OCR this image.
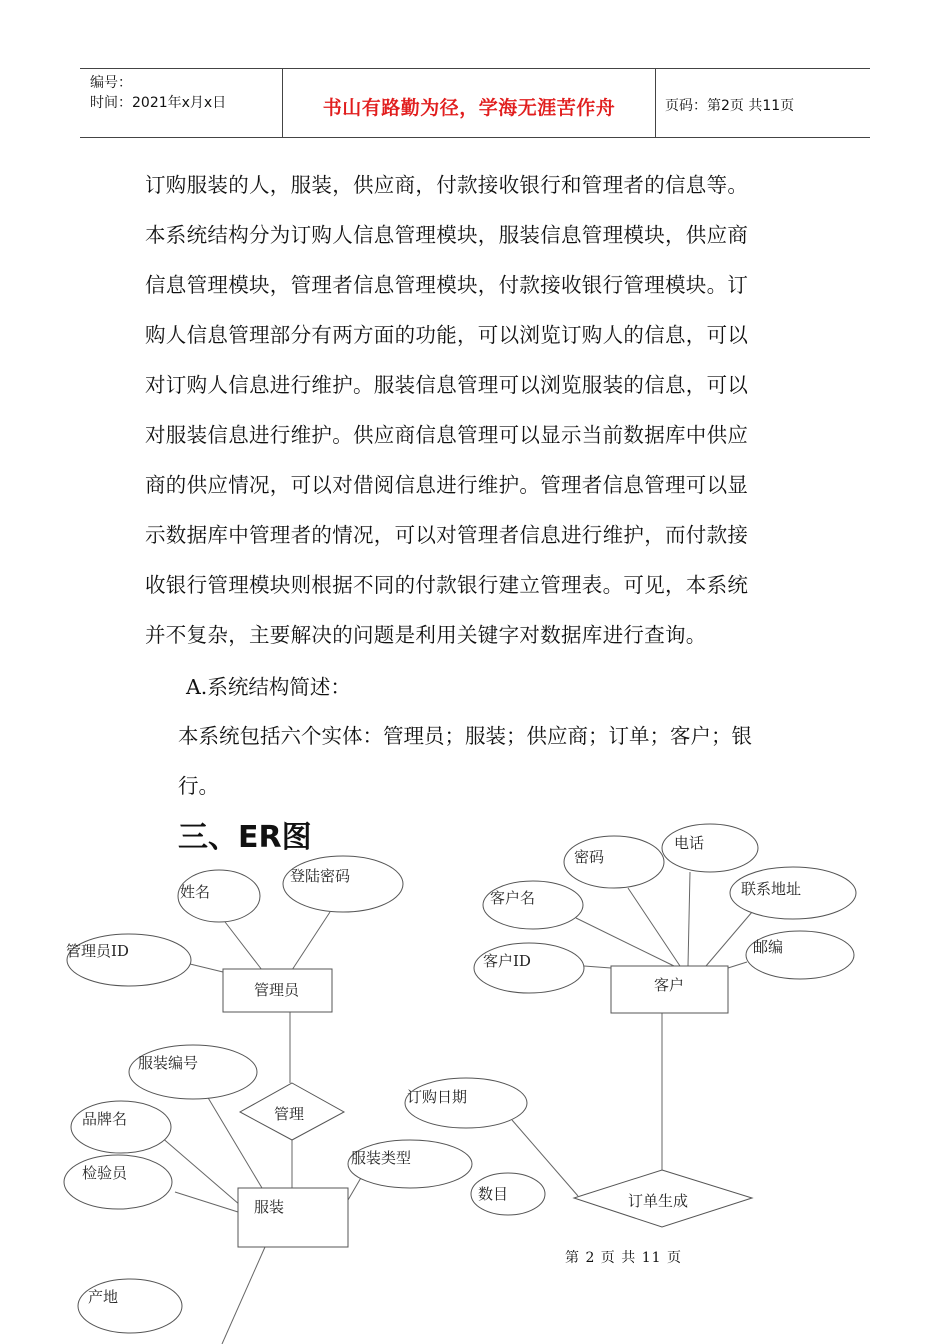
编号：
时间：2021年x月x日	书山有路勤为径，学海无涯苦作舟	页码：第2页 共11页

订购服装的人，服装，供应商，付款接收银行和管理者的信息等。

本系统结构分为订购人信息管理模块，服装信息管理模块，供应商

信息管理模块，管理者信息管理模块，付款接收银行管理模块。订

购人信息管理部分有两方面的功能，可以浏览订购人的信息，可以

对订购人信息进行维护。服装信息管理可以浏览服装的信息，可以

对服装信息进行维护。供应商信息管理可以显示当前数据库中供应

商的供应情况，可以对借阅信息进行维护。管理者信息管理可以显

示数据库中管理者的情况，可以对管理者信息进行维护，而付款接

收银行管理模块则根据不同的付款银行建立管理表。可见，本系统

并不复杂，主要解决的问题是利用关键字对数据库进行查询。

A.系统结构简述：
本系统包括六个实体：管理员；服装；供应商；订单；客户；银
行。
三、ER图
姓名
登陆密码
管理员ID
管理员
管理
服装编号
品牌名
检验员
服装类型
服装
产地
密码
电话
客户名	联系地址
客户ID
邮编
客户
订购日期
数目	订单生成
第 2 页 共 11 页
